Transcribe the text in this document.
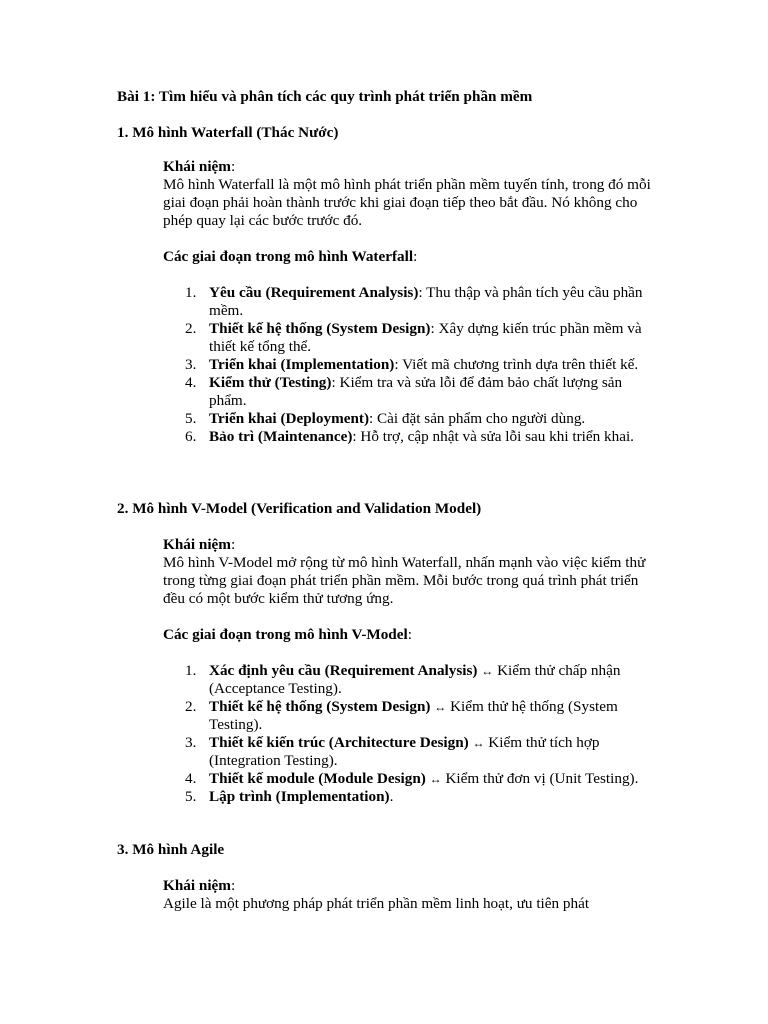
Bài 1: Tìm hiểu và phân tích các quy trình phát triển phần mềm
1. Mô hình Waterfall (Thác Nước)
Khái niệm:
Mô hình Waterfall là một mô hình phát triển phần mềm tuyến tính, trong đó mỗi giai đoạn phải hoàn thành trước khi giai đoạn tiếp theo bắt đầu. Nó không cho phép quay lại các bước trước đó.
Các giai đoạn trong mô hình Waterfall:
1. Yêu cầu (Requirement Analysis): Thu thập và phân tích yêu cầu phần mềm.
2. Thiết kế hệ thống (System Design): Xây dựng kiến trúc phần mềm và thiết kế tổng thể.
3. Triển khai (Implementation): Viết mã chương trình dựa trên thiết kế.
4. Kiểm thử (Testing): Kiểm tra và sửa lỗi để đảm bảo chất lượng sản phẩm.
5. Triển khai (Deployment): Cài đặt sản phẩm cho người dùng.
6. Bảo trì (Maintenance): Hỗ trợ, cập nhật và sửa lỗi sau khi triển khai.
2. Mô hình V-Model (Verification and Validation Model)
Khái niệm:
Mô hình V-Model mở rộng từ mô hình Waterfall, nhấn mạnh vào việc kiểm thử trong từng giai đoạn phát triển phần mềm. Mỗi bước trong quá trình phát triển đều có một bước kiểm thử tương ứng.
Các giai đoạn trong mô hình V-Model:
1. Xác định yêu cầu (Requirement Analysis) ↔ Kiểm thử chấp nhận (Acceptance Testing).
2. Thiết kế hệ thống (System Design) ↔ Kiểm thử hệ thống (System Testing).
3. Thiết kế kiến trúc (Architecture Design) ↔ Kiểm thử tích hợp (Integration Testing).
4. Thiết kế module (Module Design) ↔ Kiểm thử đơn vị (Unit Testing).
5. Lập trình (Implementation).
3. Mô hình Agile
Khái niệm:
Agile là một phương pháp phát triển phần mềm linh hoạt, ưu tiên phát
